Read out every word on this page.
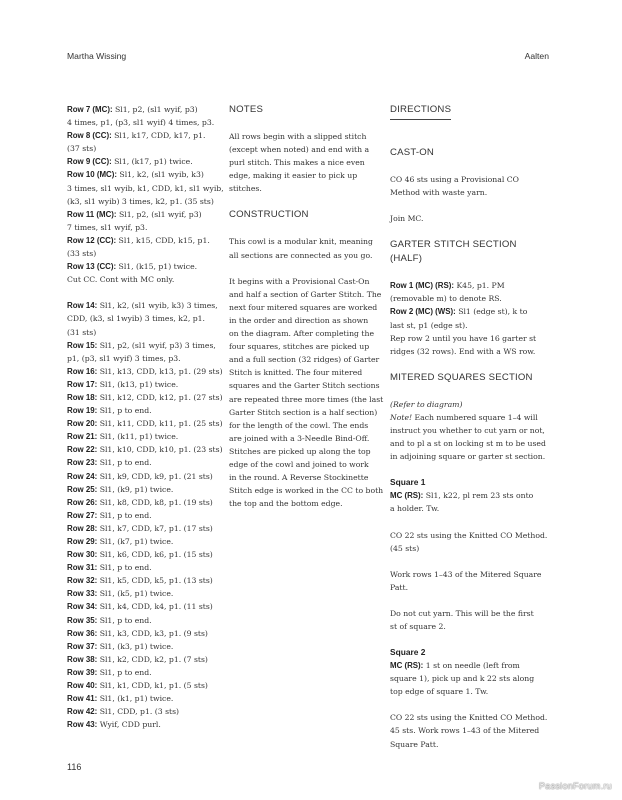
Martha Wissing	Aalten
Row 7 (MC): Sl1, p2, (sl1 wyif, p3)
4 times, p1, (p3, sl1 wyif) 4 times, p3.
Row 8 (CC): Sl1, k17, CDD, k17, p1.
(37 sts)
Row 9 (CC): Sl1, (k17, p1) twice.
Row 10 (MC): Sl1, k2, (sl1 wyib, k3)
3 times, sl1 wyib, k1, CDD, k1, sl1 wyib,
(k3, sl1 wyib) 3 times, k2, p1. (35 sts)
Row 11 (MC): Sl1, p2, (sl1 wyif, p3)
7 times, sl1 wyif, p3.
Row 12 (CC): Sl1, k15, CDD, k15, p1.
(33 sts)
Row 13 (CC): Sl1, (k15, p1) twice.
Cut CC. Cont with MC only.
Row 14: Sl1, k2, (sl1 wyib, k3) 3 times,
CDD, (k3, sl 1wyib) 3 times, k2, p1.
(31 sts)
Row 15: Sl1, p2, (sl1 wyif, p3) 3 times,
p1, (p3, sl1 wyif) 3 times, p3.
Row 16: Sl1, k13, CDD, k13, p1. (29 sts)
Row 17: Sl1, (k13, p1) twice.
Row 18: Sl1, k12, CDD, k12, p1. (27 sts)
Row 19: Sl1, p to end.
Row 20: Sl1, k11, CDD, k11, p1. (25 sts)
Row 21: Sl1, (k11, p1) twice.
Row 22: Sl1, k10, CDD, k10, p1. (23 sts)
Row 23: Sl1, p to end.
Row 24: Sl1, k9, CDD, k9, p1. (21 sts)
Row 25: Sl1, (k9, p1) twice.
Row 26: Sl1, k8, CDD, k8, p1. (19 sts)
Row 27: Sl1, p to end.
Row 28: Sl1, k7, CDD, k7, p1. (17 sts)
Row 29: Sl1, (k7, p1) twice.
Row 30: Sl1, k6, CDD, k6, p1. (15 sts)
Row 31: Sl1, p to end.
Row 32: Sl1, k5, CDD, k5, p1. (13 sts)
Row 33: Sl1, (k5, p1) twice.
Row 34: Sl1, k4, CDD, k4, p1. (11 sts)
Row 35: Sl1, p to end.
Row 36: Sl1, k3, CDD, k3, p1. (9 sts)
Row 37: Sl1, (k3, p1) twice.
Row 38: Sl1, k2, CDD, k2, p1. (7 sts)
Row 39: Sl1, p to end.
Row 40: Sl1, k1, CDD, k1, p1. (5 sts)
Row 41: Sl1, (k1, p1) twice.
Row 42: Sl1, CDD, p1. (3 sts)
Row 43: Wyif, CDD purl.
NOTES
All rows begin with a slipped stitch
(except when noted) and end with a
purl stitch. This makes a nice even
edge, making it easier to pick up
stitches.
CONSTRUCTION
This cowl is a modular knit, meaning
all sections are connected as you go.
It begins with a Provisional Cast-On
and half a section of Garter Stitch. The
next four mitered squares are worked
in the order and direction as shown
on the diagram. After completing the
four squares, stitches are picked up
and a full section (32 ridges) of Garter
Stitch is knitted. The four mitered
squares and the Garter Stitch sections
are repeated three more times (the last
Garter Stitch section is a half section)
for the length of the cowl. The ends
are joined with a 3-Needle Bind-Off.
Stitches are picked up along the top
edge of the cowl and joined to work
in the round. A Reverse Stockinette
Stitch edge is worked in the CC to both
the top and the bottom edge.
DIRECTIONS
CAST-ON
CO 46 sts using a Provisional CO
Method with waste yarn.
Join MC.
GARTER STITCH SECTION
(HALF)
Row 1 (MC) (RS): K45, p1. PM
(removable m) to denote RS.
Row 2 (MC) (WS): Sl1 (edge st), k to
last st, p1 (edge st).
Rep row 2 until you have 16 garter st
ridges (32 rows). End with a WS row.
MITERED SQUARES SECTION
(Refer to diagram)
Note! Each numbered square 1–4 will
instruct you whether to cut yarn or not,
and to pl a st on locking st m to be used
in adjoining square or garter st section.
Square 1
MC (RS): Sl1, k22, pl rem 23 sts onto
a holder. Tw.
CO 22 sts using the Knitted CO Method.
(45 sts)
Work rows 1–43 of the Mitered Square
Patt.
Do not cut yarn. This will be the first
st of square 2.
Square 2
MC (RS): 1 st on needle (left from
square 1), pick up and k 22 sts along
top edge of square 1. Tw.
CO 22 sts using the Knitted CO Method.
45 sts. Work rows 1–43 of the Mitered
Square Patt.
116
PassionForum.ru
